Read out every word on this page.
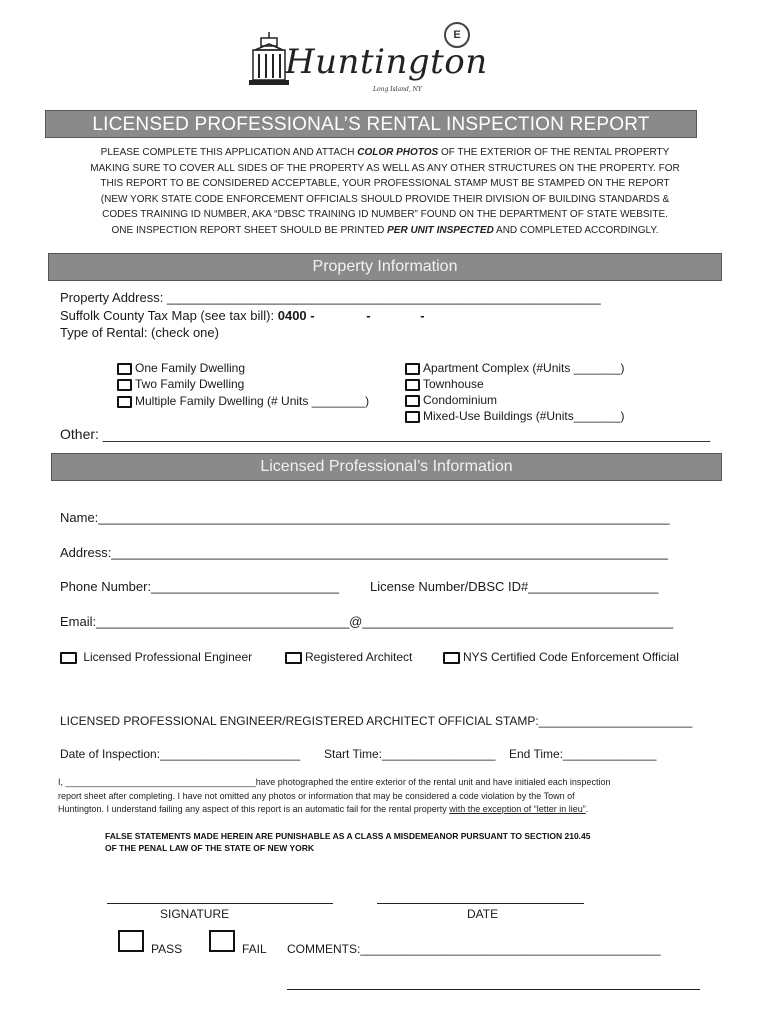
Huntington
Long Island, NY
E
LICENSED PROFESSIONAL’S RENTAL INSPECTION REPORT
PLEASE COMPLETE THIS APPLICATION AND ATTACH COLOR PHOTOS OF THE EXTERIOR OF THE RENTAL PROPERTY
MAKING SURE TO COVER ALL SIDES OF THE PROPERTY AS WELL AS ANY OTHER STRUCTURES ON THE PROPERTY. FOR
THIS REPORT TO BE CONSIDERED ACCEPTABLE, YOUR PROFESSIONAL STAMP MUST BE STAMPED ON THE REPORT
(NEW YORK STATE CODE ENFORCEMENT OFFICIALS SHOULD PROVIDE THEIR DIVISION OF BUILDING STANDARDS &
CODES TRAINING ID NUMBER, AKA “DBSC TRAINING ID NUMBER” FOUND ON THE DEPARTMENT OF STATE WEBSITE.
ONE INSPECTION REPORT SHEET SHOULD BE PRINTED PER UNIT INSPECTED AND COMPLETED ACCORDINGLY.
Property Information
Property Address: ____________________________________________________________
Suffolk County Tax Map (see tax bill): 0400 -	-	-
Type of Rental: (check one)
One Family Dwelling
Two Family Dwelling
Multiple Family Dwelling (# Units ________)
Apartment Complex (#Units _______)
Townhouse
Condominium
Mixed-Use Buildings (#Units_______)
Other: ______________________________________________________________________________
Licensed Professional’s Information
Name:_______________________________________________________________________________
Address:_____________________________________________________________________________
Phone Number:__________________________ License Number/DBSC ID#__________________
Email:___________________________________@___________________________________________
Licensed Professional Engineer	Registered Architect	NYS Certified Code Enforcement Official
LICENSED PROFESSIONAL ENGINEER/REGISTERED ARCHITECT OFFICIAL STAMP:_______________________
Date of Inspection:_____________________ Start Time:_________________ End Time:______________
I, ______________________________________have photographed the entire exterior of the rental unit and have initialed each inspection
report sheet after completing. I have not omitted any photos or information that may be considered a code violation by the Town of
Huntington. I understand failing any aspect of this report is an automatic fail for the rental property with the exception of “letter in lieu”.
FALSE STATEMENTS MADE HEREIN ARE PUNISHABLE AS A CLASS A MISDEMEANOR PURSUANT TO SECTION 210.45
OF THE PENAL LAW OF THE STATE OF NEW YORK
SIGNATURE	DATE
PASS	FAIL COMMENTS:_____________________________________________
